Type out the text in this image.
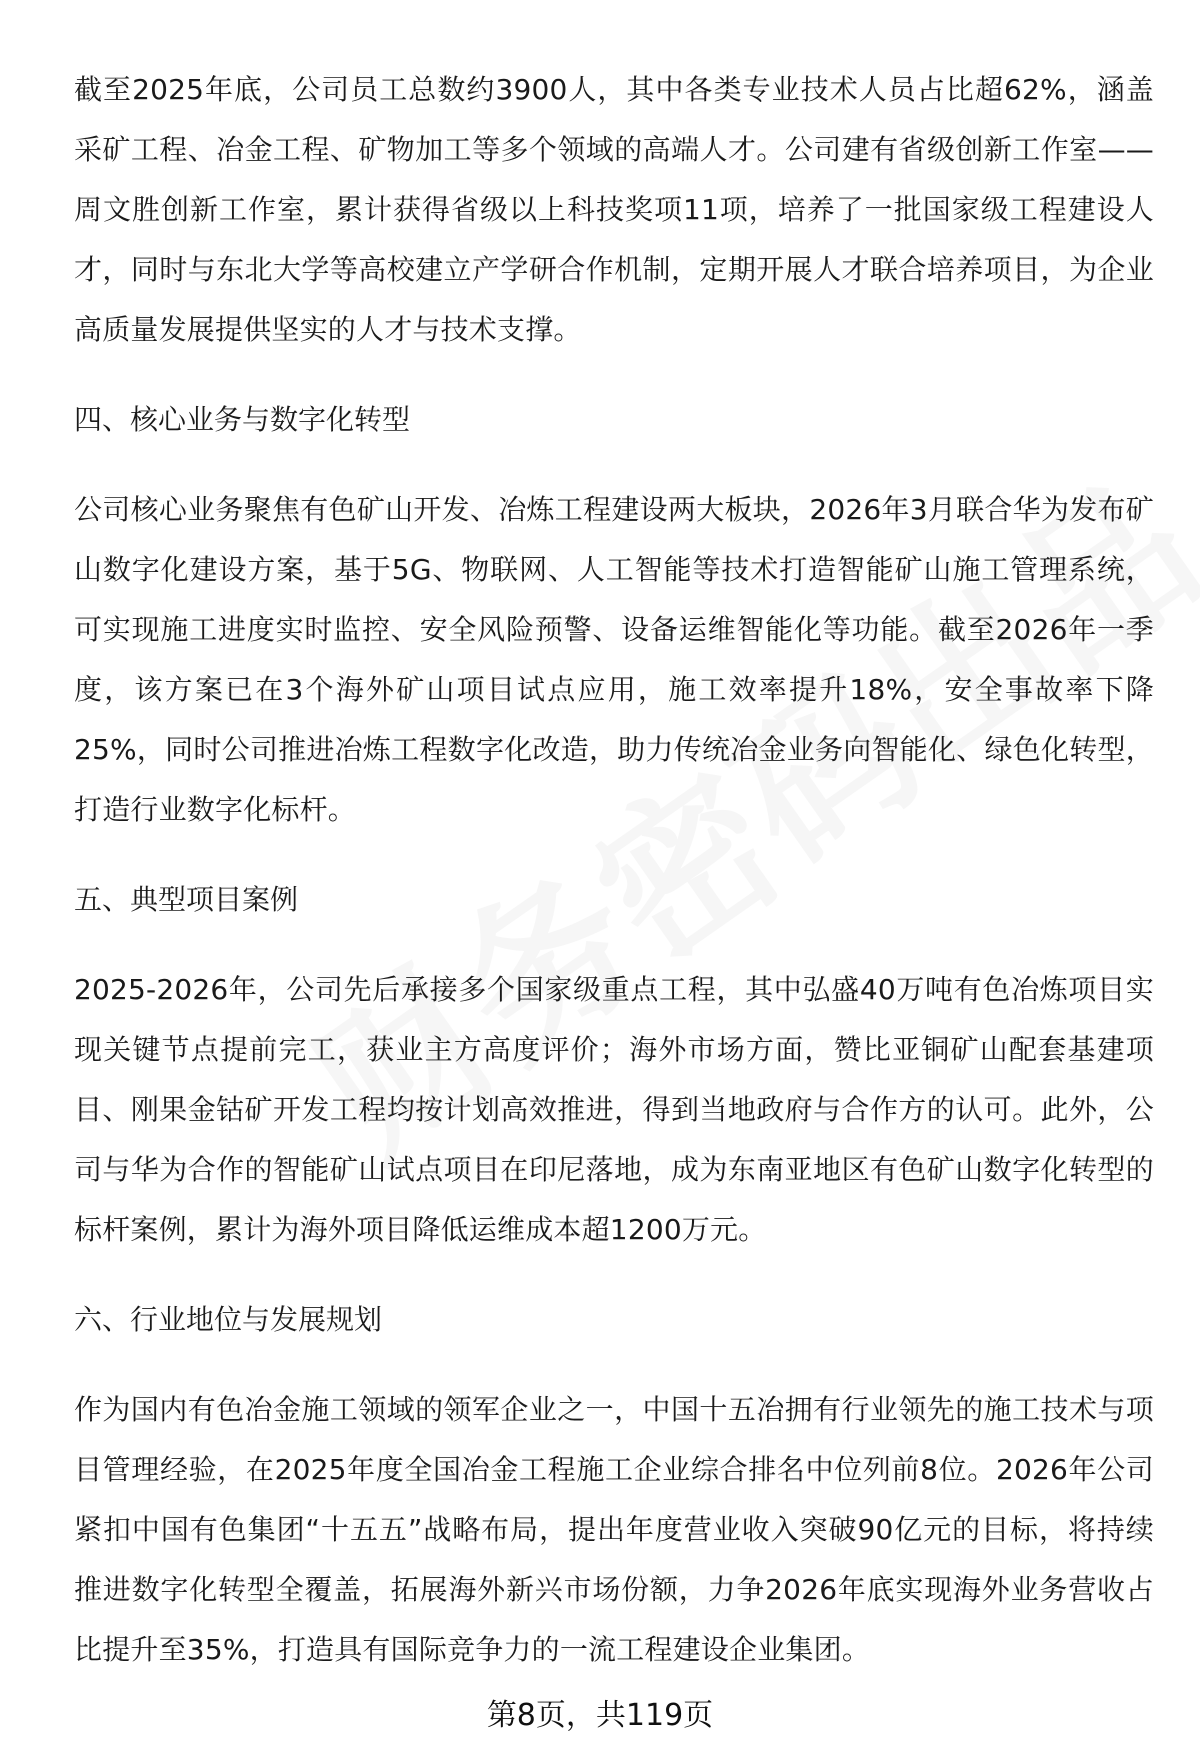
截至2025年底，公司员工总数约3900人，其中各类专业技术人员占比超62%，涵盖采矿工程、冶金工程、矿物加工等多个领域的高端人才。公司建有省级创新工作室——周文胜创新工作室，累计获得省级以上科技奖项11项，培养了一批国家级工程建设人才，同时与东北大学等高校建立产学研合作机制，定期开展人才联合培养项目，为企业高质量发展提供坚实的人才与技术支撑。

四、核心业务与数字化转型

公司核心业务聚焦有色矿山开发、冶炼工程建设两大板块，2026年3月联合华为发布矿山数字化建设方案，基于5G、物联网、人工智能等技术打造智能矿山施工管理系统，可实现施工进度实时监控、安全风险预警、设备运维智能化等功能。截至2026年一季度，该方案已在3个海外矿山项目试点应用，施工效率提升18%，安全事故率下降25%，同时公司推进冶炼工程数字化改造，助力传统冶金业务向智能化、绿色化转型，打造行业数字化标杆。

五、典型项目案例

2025-2026年，公司先后承接多个国家级重点工程，其中弘盛40万吨有色冶炼项目实现关键节点提前完工，获业主方高度评价；海外市场方面，赞比亚铜矿山配套基建项目、刚果金钴矿开发工程均按计划高效推进，得到当地政府与合作方的认可。此外，公司与华为合作的智能矿山试点项目在印尼落地，成为东南亚地区有色矿山数字化转型的标杆案例，累计为海外项目降低运维成本超1200万元。

六、行业地位与发展规划

作为国内有色冶金施工领域的领军企业之一，中国十五冶拥有行业领先的施工技术与项目管理经验，在2025年度全国冶金工程施工企业综合排名中位列前8位。2026年公司紧扣中国有色集团“十五五”战略布局，提出年度营业收入突破90亿元的目标，将持续推进数字化转型全覆盖，拓展海外新兴市场份额，力争2026年底实现海外业务营收占比提升至35%，打造具有国际竞争力的一流工程建设企业集团。

第8页，共119页
